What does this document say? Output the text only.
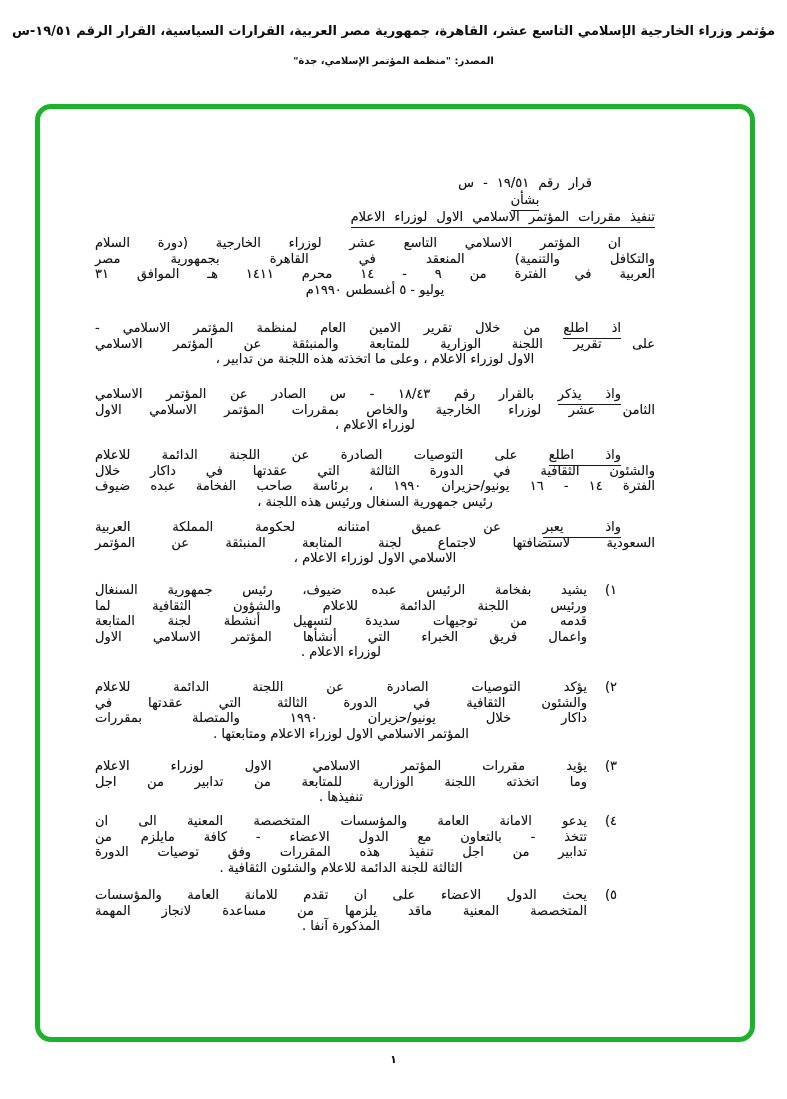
مؤتمر وزراء الخارجية الإسلامي التاسع عشر، القاهرة، جمهورية مصر العربية، القرارات السياسية، القرار الرقم ١٩/٥١-س
المصدر: "منظمة المؤتمر الإسلامي، جدة"
قرار رقم ١٩/٥١ - س
بشأن
تنفيذ مقررات المؤتمر الاسلامي الاول لوزراء الاعلام
ان المؤتمر الاسلامي التاسع عشر لوزراء الخارجية (دورة السلام
والتكافل والتنمية) المنعقد في القاهرة بجمهورية مصر
العربية في الفترة من ٩ - ١٤ محرم ١٤١١ هـ الموافق ٣١
يوليو - ٥ أغسطس ١٩٩٠م
اذ اطلع من خلال تقرير الامين العام لمنظمة المؤتمر الاسلامي -
على تقرير اللجنة الوزارية للمتابعة والمنبثقة عن المؤتمر الاسلامي
الاول لوزراء الاعلام ، وعلى ما اتخذته هذه اللجنة من تدابير ،
واذ يذكر بالقرار رقم ١٨/٤٣ - س الصادر عن المؤتمر الاسلامي
الثامن عشر لوزراء الخارجية والخاص بمقررات المؤتمر الاسلامي الاول
لوزراء الاعلام ،
واذ اطلع على التوصيات الصادرة عن اللجنة الدائمة للاعلام
والشئون الثقافية في الدورة الثالثة التي عقدتها في داكار خلال
الفترة ١٤ - ١٦ يونيو/حزيران ١٩٩٠ ، برئاسة صاحب الفخامة عبده ضيوف
رئيس جمهورية السنغال ورئيس هذه اللجنة ،
واذ يعبر عن عميق امتنانه لحكومة المملكة العربية
السعودية لاستضافتها لاجتماع لجنة المتابعة المنبثقة عن المؤتمر
الاسلامي الاول لوزراء الاعلام ،
(١
يشيد بفخامة الرئيس عبده ضيوف، رئيس جمهورية السنغال
ورئيس اللجنة الدائمة للاعلام والشؤون الثقافية لما
قدمه من توجيهات سديدة لتسهيل أنشطة لجنة المتابعة
واعمال فريق الخبراء التي أنشأها المؤتمر الاسلامي الاول
لوزراء الاعلام .
(٢
يؤكد التوصيات الصادرة عن اللجنة الدائمة للاعلام
والشئون الثقافية في الدورة الثالثة التي عقدتها في
داكار خلال يونيو/حزيران ١٩٩٠ والمتصلة بمقررات
المؤتمر الاسلامي الاول لوزراء الاعلام ومتابعتها .
(٣
يؤيد مقررات المؤتمر الاسلامي الاول لوزراء الاعلام
وما اتخذته اللجنة الوزارية للمتابعة من تدابير من اجل
تنفيذها .
(٤
يدعو الامانة العامة والمؤسسات المتخصصة المعنية الى ان
تتخذ - بالتعاون مع الدول الاعضاء - كافة مايلزم من
تدابير من اجل تنفيذ هذه المقررات وفق توصيات الدورة
الثالثة للجنة الدائمة للاعلام والشئون الثقافية .
(٥
يحث الدول الاعضاء على ان تقدم للامانة العامة والمؤسسات
المتخصصة المعنية ماقد يلزمها من مساعدة لانجاز المهمة
المذكورة آنفا .
١
